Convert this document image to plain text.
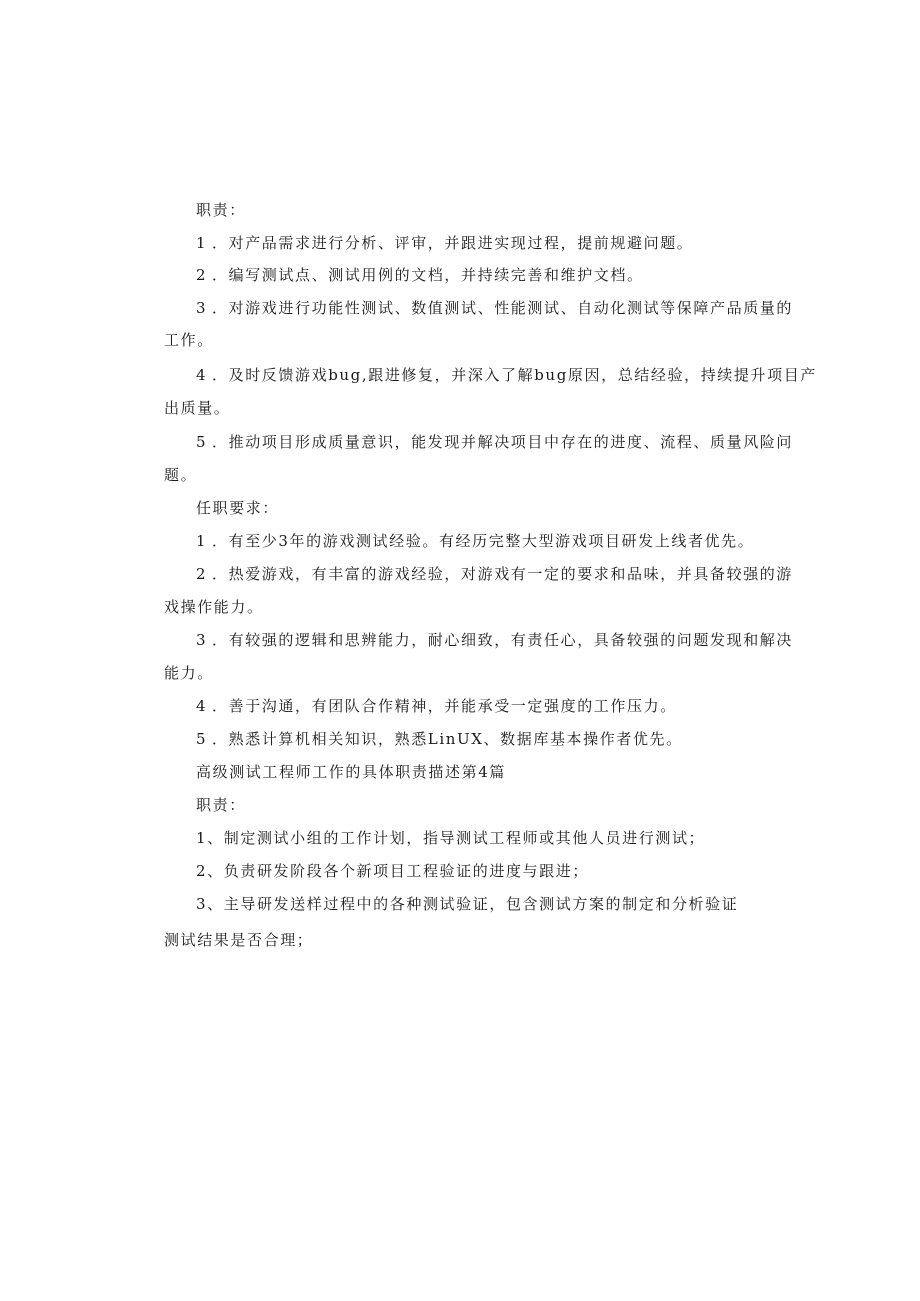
职责：
1 ．对产品需求进行分析、评审，并跟进实现过程，提前规避问题。
2 ．编写测试点、测试用例的文档，并持续完善和维护文档。
3 ．对游戏进行功能性测试、数值测试、性能测试、自动化测试等保障产品质量的
工作。
4 ．及时反馈游戏bug,跟进修复，并深入了解bug原因，总结经验，持续提升项目产
出质量。
5 ．推动项目形成质量意识，能发现并解决项目中存在的进度、流程、质量风险问
题。
任职要求：
1 ．有至少3年的游戏测试经验。有经历完整大型游戏项目研发上线者优先。
2 ．热爱游戏，有丰富的游戏经验，对游戏有一定的要求和品味，并具备较强的游
戏操作能力。
3 ．有较强的逻辑和思辨能力，耐心细致，有责任心，具备较强的问题发现和解决
能力。
4 ．善于沟通，有团队合作精神，并能承受一定强度的工作压力。
5 ．熟悉计算机相关知识，熟悉LinUX、数据库基本操作者优先。
高级测试工程师工作的具体职责描述第4篇
职责：
1、制定测试小组的工作计划，指导测试工程师或其他人员进行测试；
2、负责研发阶段各个新项目工程验证的进度与跟进；
3、主导研发送样过程中的各种测试验证，包含测试方案的制定和分析验证
测试结果是否合理；
